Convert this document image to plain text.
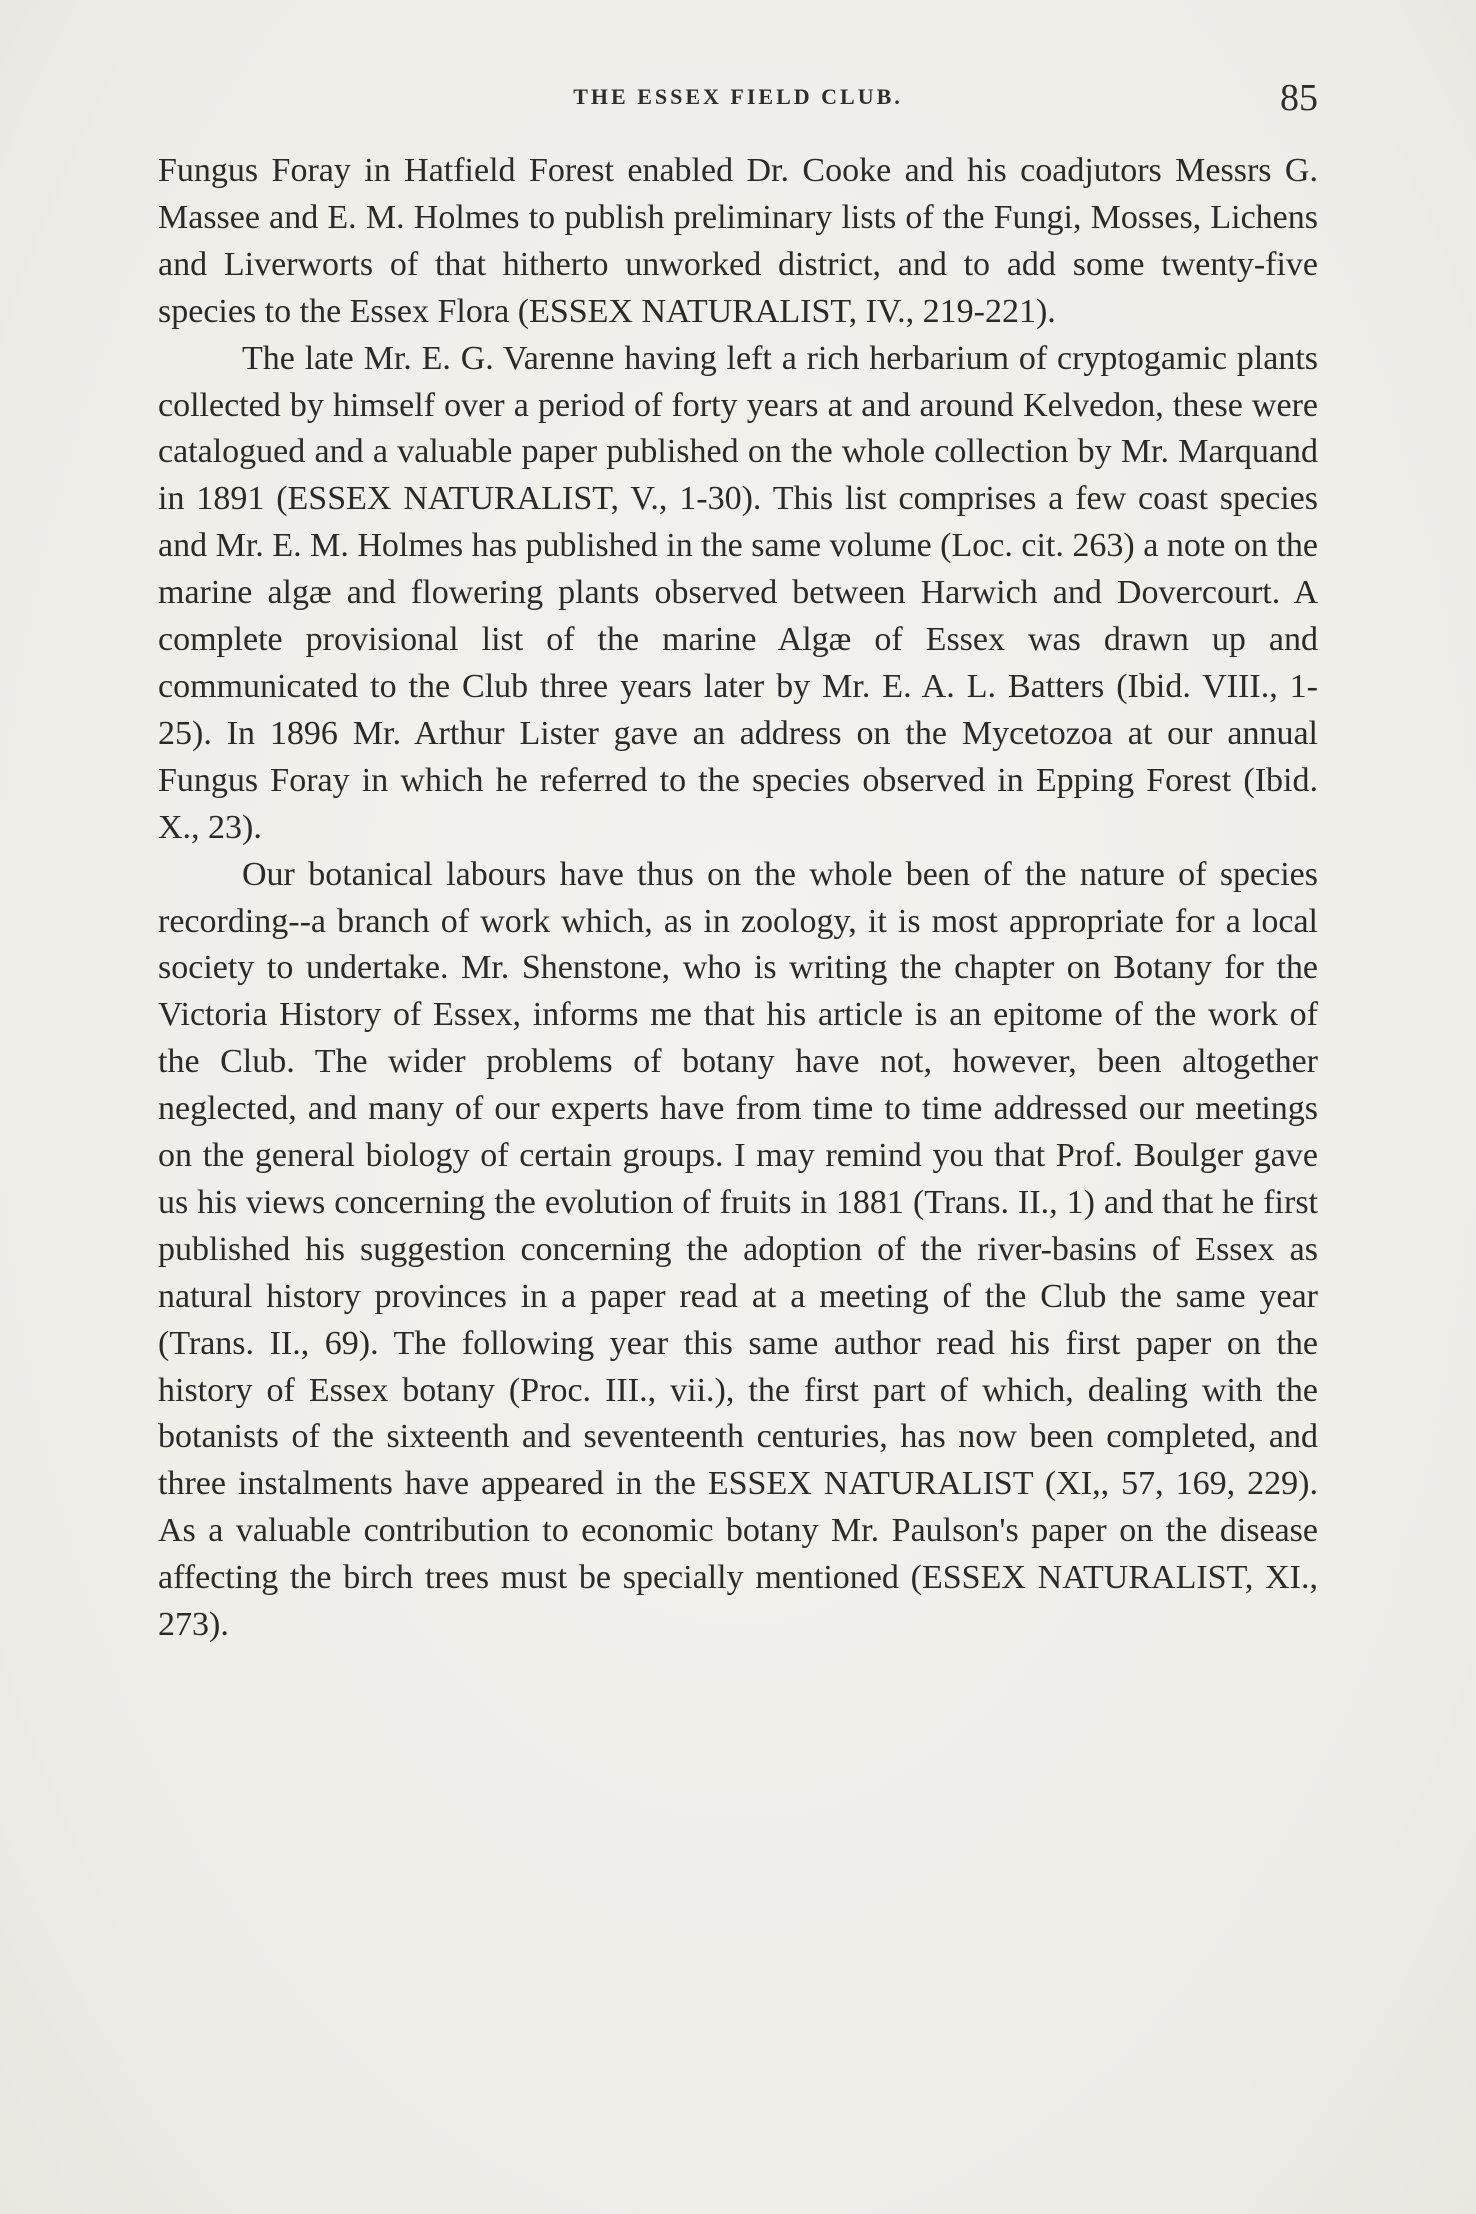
THE ESSEX FIELD CLUB.	85

Fungus Foray in Hatfield Forest enabled Dr. Cooke and his coadjutors Messrs G. Massee and E. M. Holmes to publish preliminary lists of the Fungi, Mosses, Lichens and Liverworts of that hitherto unworked district, and to add some twenty-five species to the Essex Flora (ESSEX NATURALIST, IV., 219-221).

The late Mr. E. G. Varenne having left a rich herbarium of cryptogamic plants collected by himself over a period of forty years at and around Kelvedon, these were catalogued and a valuable paper published on the whole collection by Mr. Marquand in 1891 (ESSEX NATURALIST, V., 1-30). This list comprises a few coast species and Mr. E. M. Holmes has published in the same volume (Loc. cit. 263) a note on the marine algæ and flowering plants observed between Harwich and Dovercourt. A complete provisional list of the marine Algæ of Essex was drawn up and communicated to the Club three years later by Mr. E. A. L. Batters (Ibid. VIII., 1-25). In 1896 Mr. Arthur Lister gave an address on the Mycetozoa at our annual Fungus Foray in which he referred to the species observed in Epping Forest (Ibid. X., 23).

Our botanical labours have thus on the whole been of the nature of species recording--a branch of work which, as in zoology, it is most appropriate for a local society to undertake. Mr. Shenstone, who is writing the chapter on Botany for the Victoria History of Essex, informs me that his article is an epitome of the work of the Club. The wider problems of botany have not, however, been altogether neglected, and many of our experts have from time to time addressed our meetings on the general biology of certain groups. I may remind you that Prof. Boulger gave us his views concerning the evolution of fruits in 1881 (Trans. II., 1) and that he first published his suggestion concerning the adoption of the river-basins of Essex as natural history provinces in a paper read at a meeting of the Club the same year (Trans. II., 69). The following year this same author read his first paper on the history of Essex botany (Proc. III., vii.), the first part of which, dealing with the botanists of the sixteenth and seventeenth centuries, has now been completed, and three instalments have appeared in the ESSEX NATURALIST (XI,, 57, 169, 229). As a valuable contribution to economic botany Mr. Paulson's paper on the disease affecting the birch trees must be specially mentioned (ESSEX NATURALIST, XI., 273).
